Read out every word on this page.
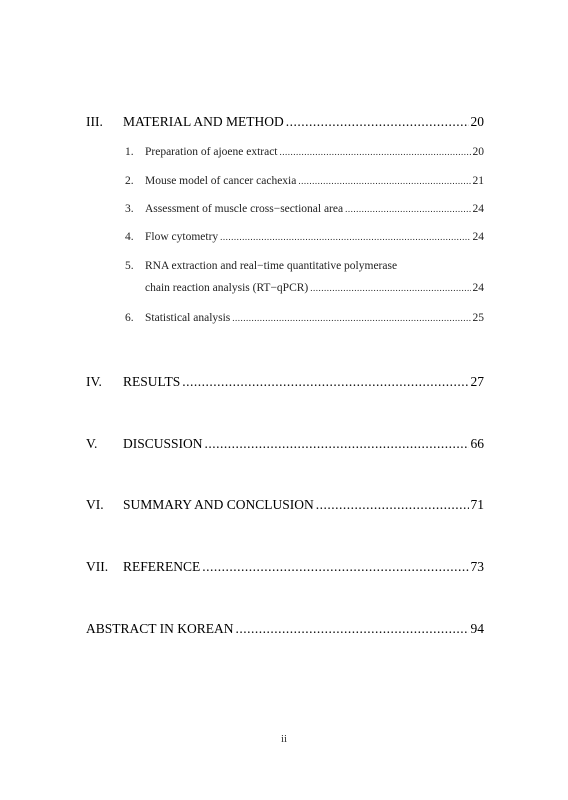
III.	MATERIAL AND METHOD .....	20
1. Preparation of ajoene extract .....	20
2. Mouse model of cancer cachexia .....	21
3. Assessment of muscle cross−sectional area .....	24
4. Flow cytometry .....	24
5. RNA extraction and real−time quantitative polymerase
chain reaction analysis (RT−qPCR) .....	24
6. Statistical analysis .....	25
IV.	RESULTS .....	27
V.	DISCUSSION .....	66
VI.	SUMMARY AND CONCLUSION .....	71
VII.	REFERENCE .....	73
ABSTRACT IN KOREAN .....	94
ii
